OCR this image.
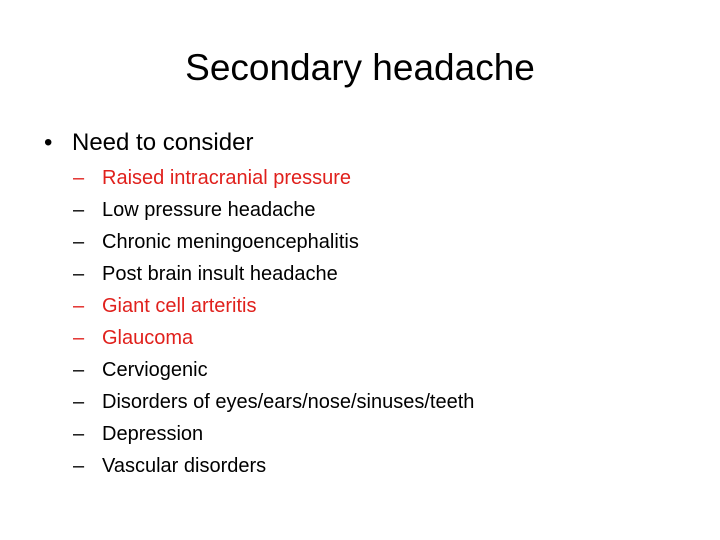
Secondary headache
• Need to consider
– Raised intracranial pressure
– Low pressure headache
– Chronic meningoencephalitis
– Post brain insult headache
– Giant cell arteritis
– Glaucoma
– Cerviogenic
– Disorders of eyes/ears/nose/sinuses/teeth
– Depression
– Vascular disorders
